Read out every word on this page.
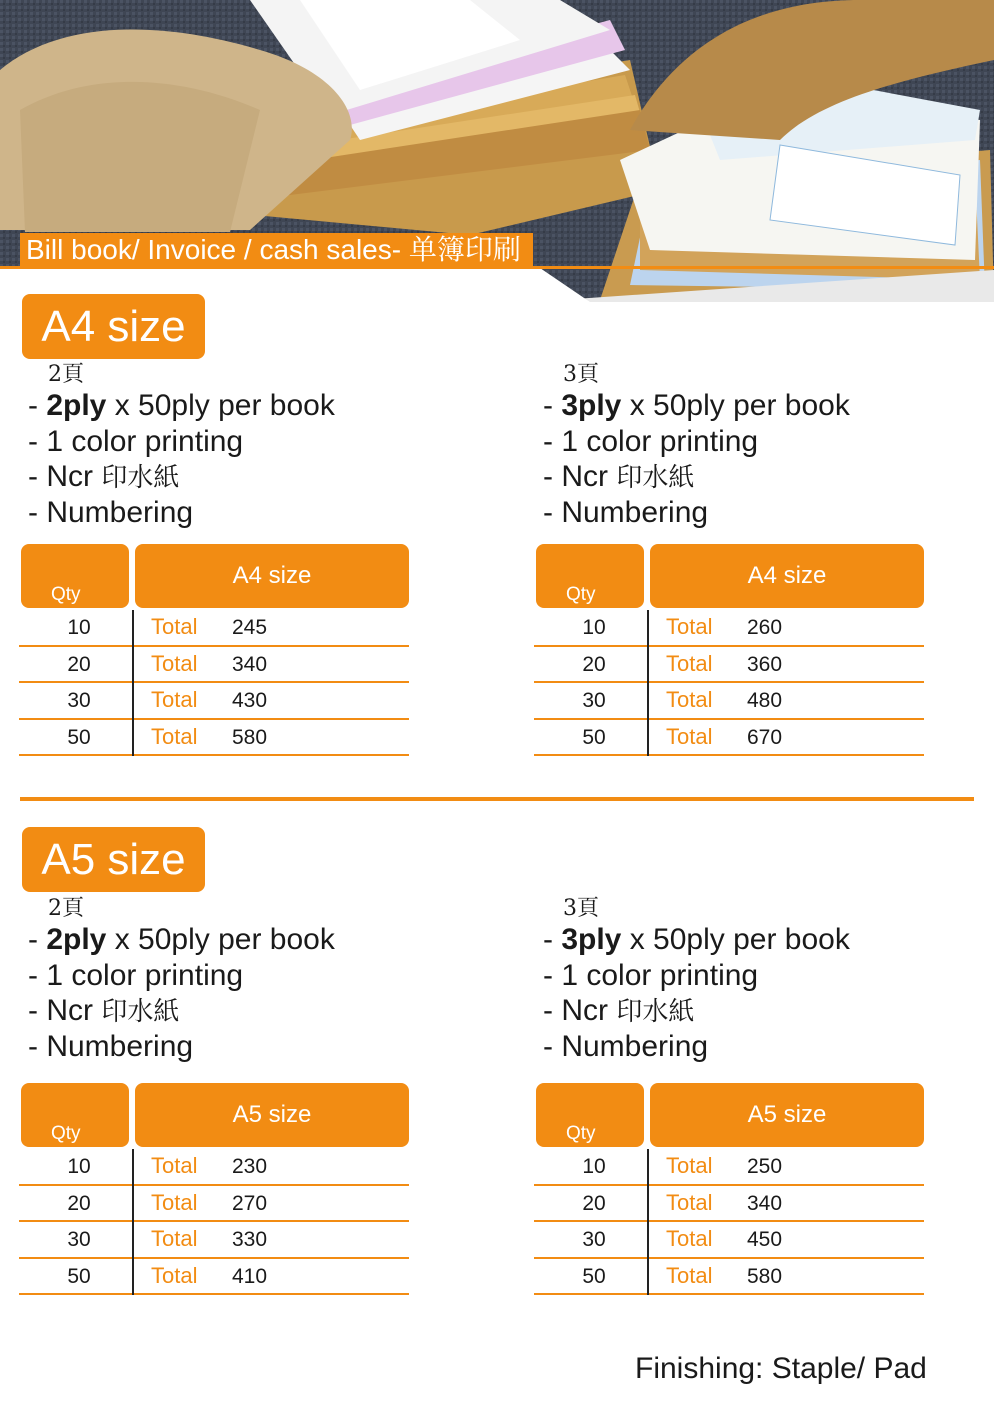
Bill book/ Invoice / cash sales- 单簿印刷
A4 size
2頁
- 2ply x 50ply per book
- 1 color printing
- Ncr 印水紙
- Numbering
3頁
- 3ply x 50ply per book
- 1 color printing
- Ncr 印水紙
- Numbering
Qty
A4 size
10	Total 245
20	Total 340
30	Total 430
50	Total 580
Qty
A4 size
10	Total 260
20	Total 360
30	Total 480
50	Total 670
A5 size
2頁
- 2ply x 50ply per book
- 1 color printing
- Ncr 印水紙
- Numbering
3頁
- 3ply x 50ply per book
- 1 color printing
- Ncr 印水紙
- Numbering
Qty
A5 size
10	Total 230
20	Total 270
30	Total 330
50	Total 410
Qty
A5 size
10	Total 250
20	Total 340
30	Total 450
50	Total 580
Finishing: Staple/ Pad
